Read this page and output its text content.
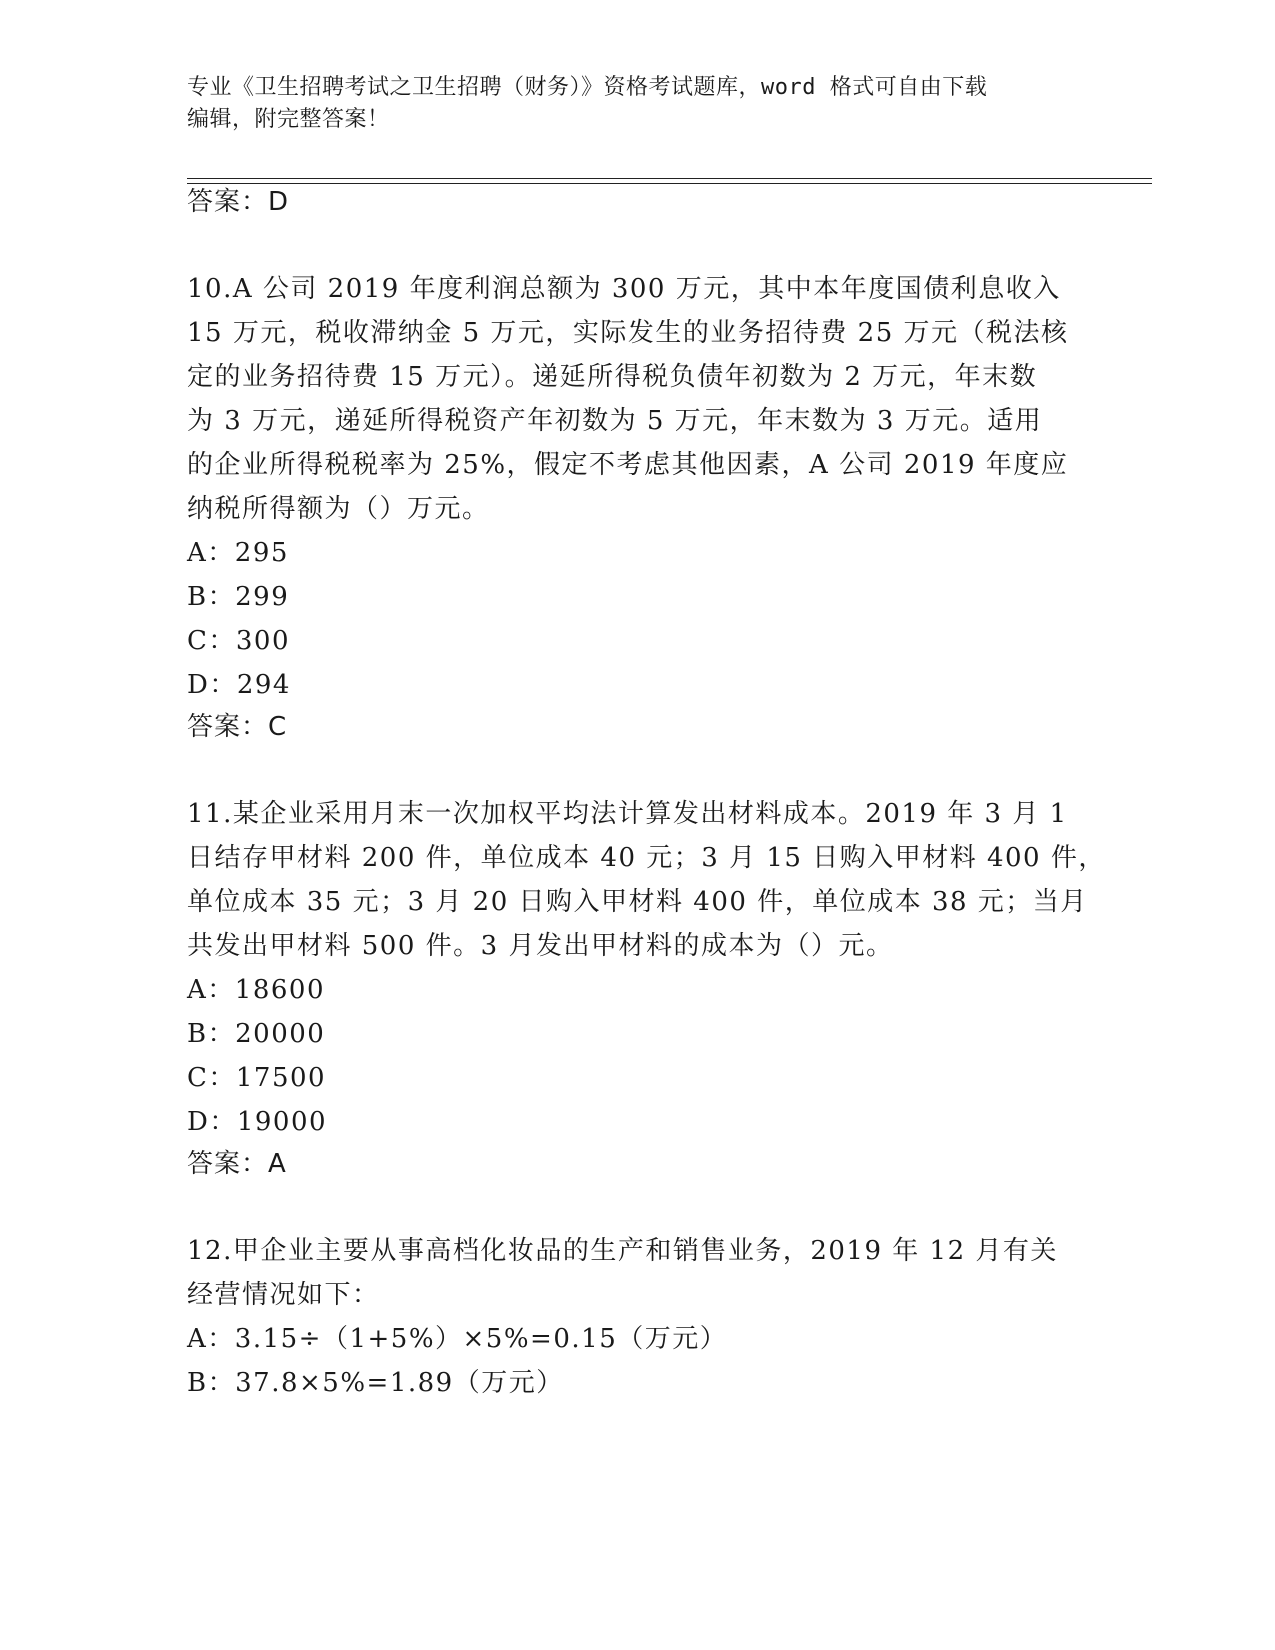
专业《卫生招聘考试之卫生招聘（财务）》资格考试题库，word 格式可自由下载

编辑，附完整答案！

答案：D

10.A 公司 2019 年度利润总额为 300 万元，其中本年度国债利息收入

15 万元，税收滞纳金 5 万元，实际发生的业务招待费 25 万元（税法核

定的业务招待费 15 万元）。递延所得税负债年初数为 2 万元，年末数

为 3 万元，递延所得税资产年初数为 5 万元，年末数为 3 万元。适用

的企业所得税税率为 25%，假定不考虑其他因素，A 公司 2019 年度应

纳税所得额为（）万元。

A：295

B：299

C：300

D：294

答案：C

11.某企业采用月末一次加权平均法计算发出材料成本。2019 年 3 月 1

日结存甲材料 200 件，单位成本 40 元；3 月 15 日购入甲材料 400 件，

单位成本 35 元；3 月 20 日购入甲材料 400 件，单位成本 38 元；当月

共发出甲材料 500 件。3 月发出甲材料的成本为（）元。

A：18600

B：20000

C：17500

D：19000

答案：A

12.甲企业主要从事高档化妆品的生产和销售业务，2019 年 12 月有关

经营情况如下：

A：3.15÷（1+5%）×5%=0.15（万元）

B：37.8×5%=1.89（万元）
